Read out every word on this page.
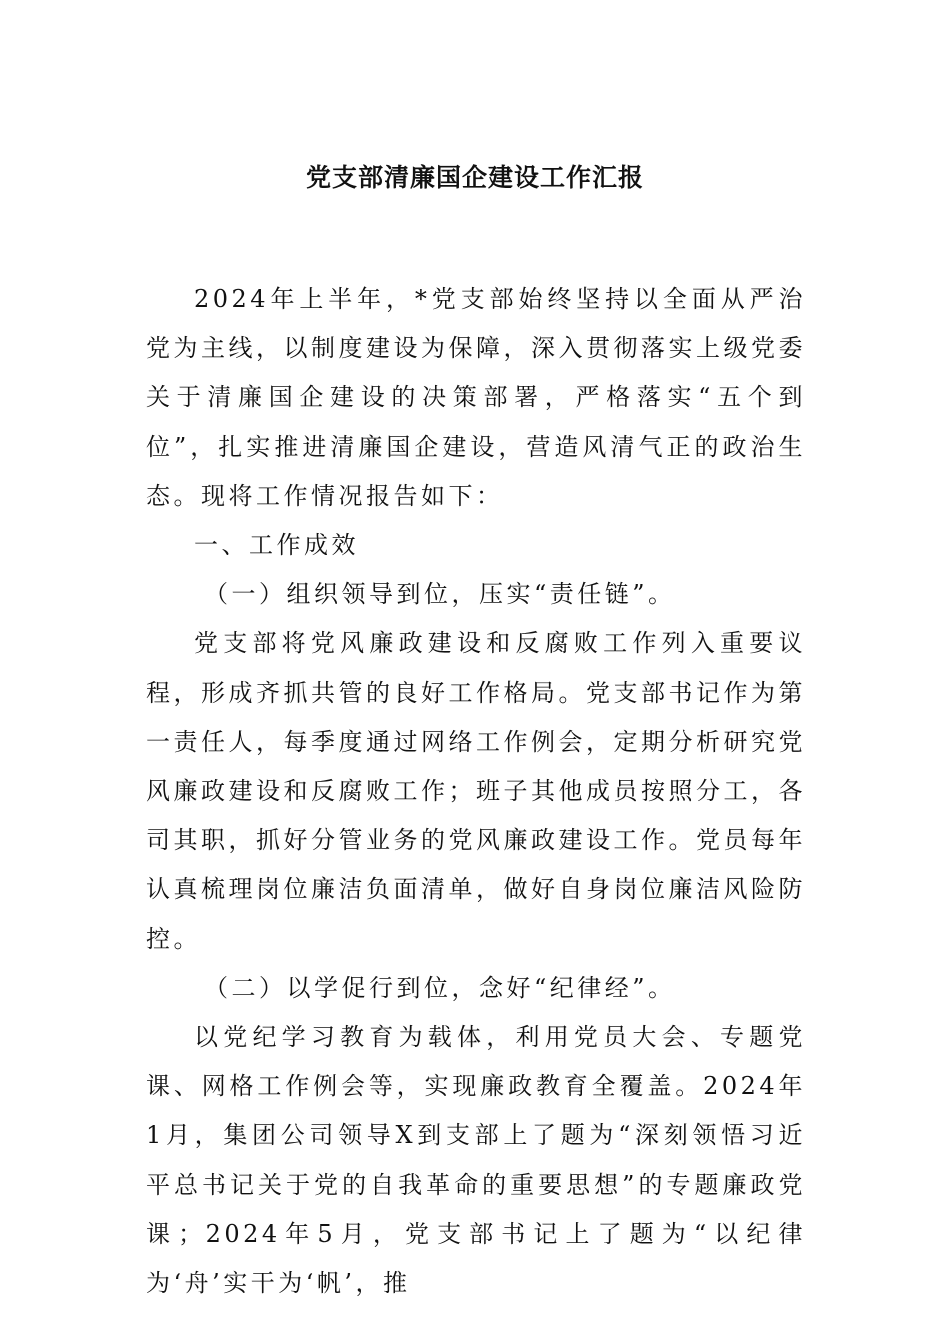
党支部清廉国企建设工作汇报

2024年上半年，*党支部始终坚持以全面从严治党为主线，以制度建设为保障，深入贯彻落实上级党委关于清廉国企建设的决策部署，严格落实“五个到位”，扎实推进清廉国企建设，营造风清气正的政治生态。现将工作情况报告如下：

一、工作成效

（一）组织领导到位，压实“责任链”。

党支部将党风廉政建设和反腐败工作列入重要议程，形成齐抓共管的良好工作格局。党支部书记作为第一责任人，每季度通过网络工作例会，定期分析研究党风廉政建设和反腐败工作；班子其他成员按照分工，各司其职，抓好分管业务的党风廉政建设工作。党员每年认真梳理岗位廉洁负面清单，做好自身岗位廉洁风险防控。

（二）以学促行到位，念好“纪律经”。

以党纪学习教育为载体，利用党员大会、专题党课、网格工作例会等，实现廉政教育全覆盖。2024年1月，集团公司领导X到支部上了题为“深刻领悟习近平总书记关于党的自我革命的重要思想”的专题廉政党课；2024年5月，党支部书记上了题为“以纪律为‘舟’实干为‘帆’，推
